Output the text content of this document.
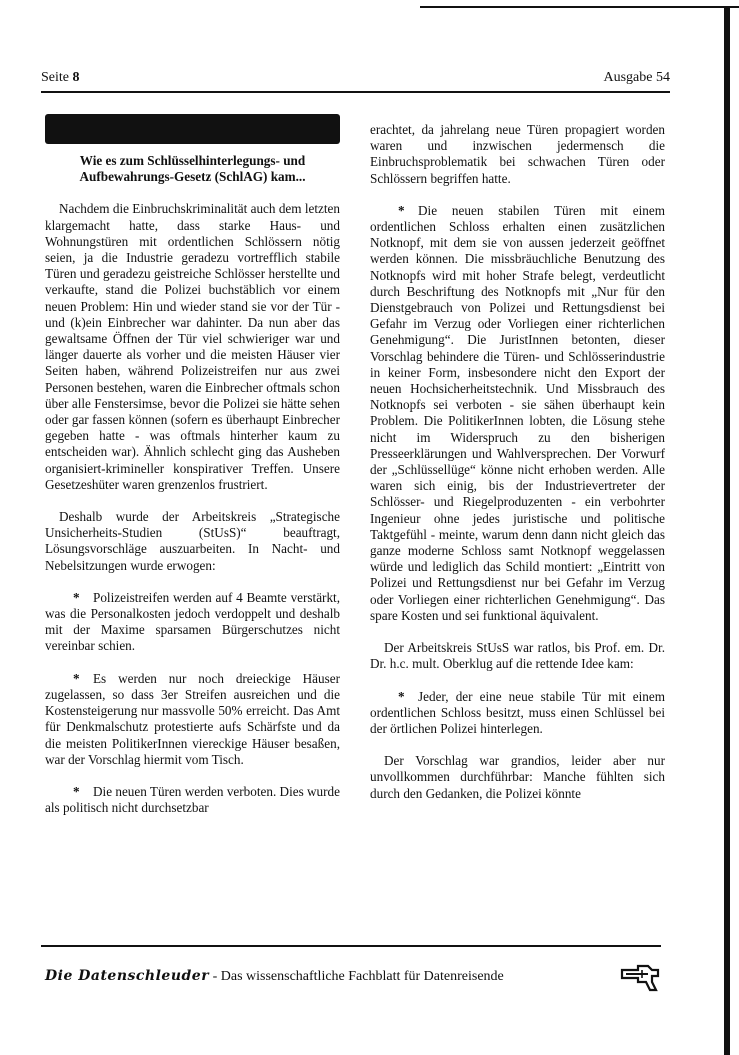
Seite 8	Ausgabe 54
Wie es zum Schlüsselhinterlegungs- und
Aufbewahrungs-Gesetz (SchlAG) kam...

Nachdem die Einbruchskriminalität auch dem letzten klargemacht hatte, dass starke Haus- und Wohnungstüren mit ordentlichen Schlössern nötig seien, ja die Industrie geradezu vortrefflich stabile Türen und geradezu geistreiche Schlösser herstellte und verkaufte, stand die Polizei buchstäblich vor einem neuen Problem: Hin und wieder stand sie vor der Tür - und (k)ein Einbrecher war dahinter. Da nun aber das gewaltsame Öffnen der Tür viel schwieriger war und länger dauerte als vorher und die meisten Häuser vier Seiten haben, während Polizeistreifen nur aus zwei Personen bestehen, waren die Einbrecher oftmals schon über alle Fenstersimse, bevor die Polizei sie hätte sehen oder gar fassen können (sofern es überhaupt Einbrecher gegeben hatte - was oftmals hinterher kaum zu entscheiden war). Ähnlich schlecht ging das Ausheben organisiert-krimineller konspirativer Treffen. Unsere Gesetzeshüter waren grenzenlos frustriert.

Deshalb wurde der Arbeitskreis „Strategische Unsicherheits-Studien (StUsS)“ beauftragt, Lösungsvorschläge auszuarbeiten. In Nacht- und Nebelsitzungen wurde erwogen:

* Polizeistreifen werden auf 4 Beamte verstärkt, was die Personalkosten jedoch verdoppelt und deshalb mit der Maxime sparsamen Bürgerschutzes nicht vereinbar schien.

* Es werden nur noch dreieckige Häuser zugelassen, so dass 3er Streifen ausreichen und die Kostensteigerung nur massvolle 50% erreicht. Das Amt für Denkmalschutz protestierte aufs Schärfste und da die meisten PolitikerInnen viereckige Häuser besaßen, war der Vorschlag hiermit vom Tisch.

* Die neuen Türen werden verboten. Dies wurde als politisch nicht durchsetzbar

erachtet, da jahrelang neue Türen propagiert worden waren und inzwischen jedermensch die Einbruchsproblematik bei schwachen Türen oder Schlössern begriffen hatte.

* Die neuen stabilen Türen mit einem ordentlichen Schloss erhalten einen zusätzlichen Notknopf, mit dem sie von aussen jederzeit geöffnet werden können. Die missbräuchliche Benutzung des Notknopfs wird mit hoher Strafe belegt, verdeutlicht durch Beschriftung des Notknopfs mit „Nur für den Dienstgebrauch von Polizei und Rettungsdienst bei Gefahr im Verzug oder Vorliegen einer richterlichen Genehmigung“. Die JuristInnen betonten, dieser Vorschlag behindere die Türen- und Schlösserindustrie in keiner Form, insbesondere nicht den Export der neuen Hochsicherheitstechnik. Und Missbrauch des Notknopfs sei verboten - sie sähen überhaupt kein Problem. Die PolitikerInnen lobten, die Lösung stehe nicht im Widerspruch zu den bisherigen Presseerklärungen und Wahlversprechen. Der Vorwurf der „Schlüssellüge“ könne nicht erhoben werden. Alle waren sich einig, bis der Industrievertreter der Schlösser- und Riegelproduzenten - ein verbohrter Ingenieur ohne jedes juristische und politische Taktgefühl - meinte, warum denn dann nicht gleich das ganze moderne Schloss samt Notknopf weggelassen würde und lediglich das Schild montiert: „Eintritt von Polizei und Rettungsdienst nur bei Gefahr im Verzug oder Vorliegen einer richterlichen Genehmigung“. Das spare Kosten und sei funktional äquivalent.

Der Arbeitskreis StUsS war ratlos, bis Prof. em. Dr. Dr. h.c. mult. Oberklug auf die rettende Idee kam:

* Jeder, der eine neue stabile Tür mit einem ordentlichen Schloss besitzt, muss einen Schlüssel bei der örtlichen Polizei hinterlegen.

Der Vorschlag war grandios, leider aber nur unvollkommen durchführbar: Manche fühlten sich durch den Gedanken, die Polizei könnte

Die Datenschleuder - Das wissenschaftliche Fachblatt für Datenreisende
